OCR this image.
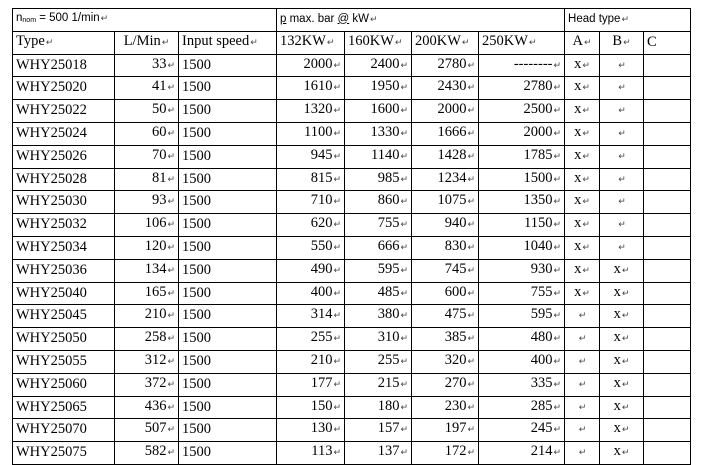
nnom = 500 1/min↵			p max. bar @ kW↵				Head type↵		
Type↵	L/Min↵	Input speed↵	132KW↵	160KW↵	200KW↵	250KW↵	A↵	B↵	C
WHY25018	33↵	1500	2000↵	2400↵	2780↵	--------↵	x↵	↵	
WHY25020	41↵	1500	1610↵	1950↵	2430↵	2780↵	x↵	↵	
WHY25022	50↵	1500	1320↵	1600↵	2000↵	2500↵	x↵	↵	
WHY25024	60↵	1500	1100↵	1330↵	1666↵	2000↵	x↵	↵	
WHY25026	70↵	1500	945↵	1140↵	1428↵	1785↵	x↵	↵	
WHY25028	81↵	1500	815↵	985↵	1234↵	1500↵	x↵	↵	
WHY25030	93↵	1500	710↵	860↵	1075↵	1350↵	x↵	↵	
WHY25032	106↵	1500	620↵	755↵	940↵	1150↵	x↵	↵	
WHY25034	120↵	1500	550↵	666↵	830↵	1040↵	x↵	↵	
WHY25036	134↵	1500	490↵	595↵	745↵	930↵	x↵	x↵	
WHY25040	165↵	1500	400↵	485↵	600↵	755↵	x↵	x↵	
WHY25045	210↵	1500	314↵	380↵	475↵	595↵	↵	x↵	
WHY25050	258↵	1500	255↵	310↵	385↵	480↵	↵	x↵	
WHY25055	312↵	1500	210↵	255↵	320↵	400↵	↵	x↵	
WHY25060	372↵	1500	177↵	215↵	270↵	335↵	↵	x↵	
WHY25065	436↵	1500	150↵	180↵	230↵	285↵	↵	x↵	
WHY25070	507↵	1500	130↵	157↵	197↵	245↵	↵	x↵	
WHY25075	582↵	1500	113↵	137↵	172↵	214↵	↵	x↵	
